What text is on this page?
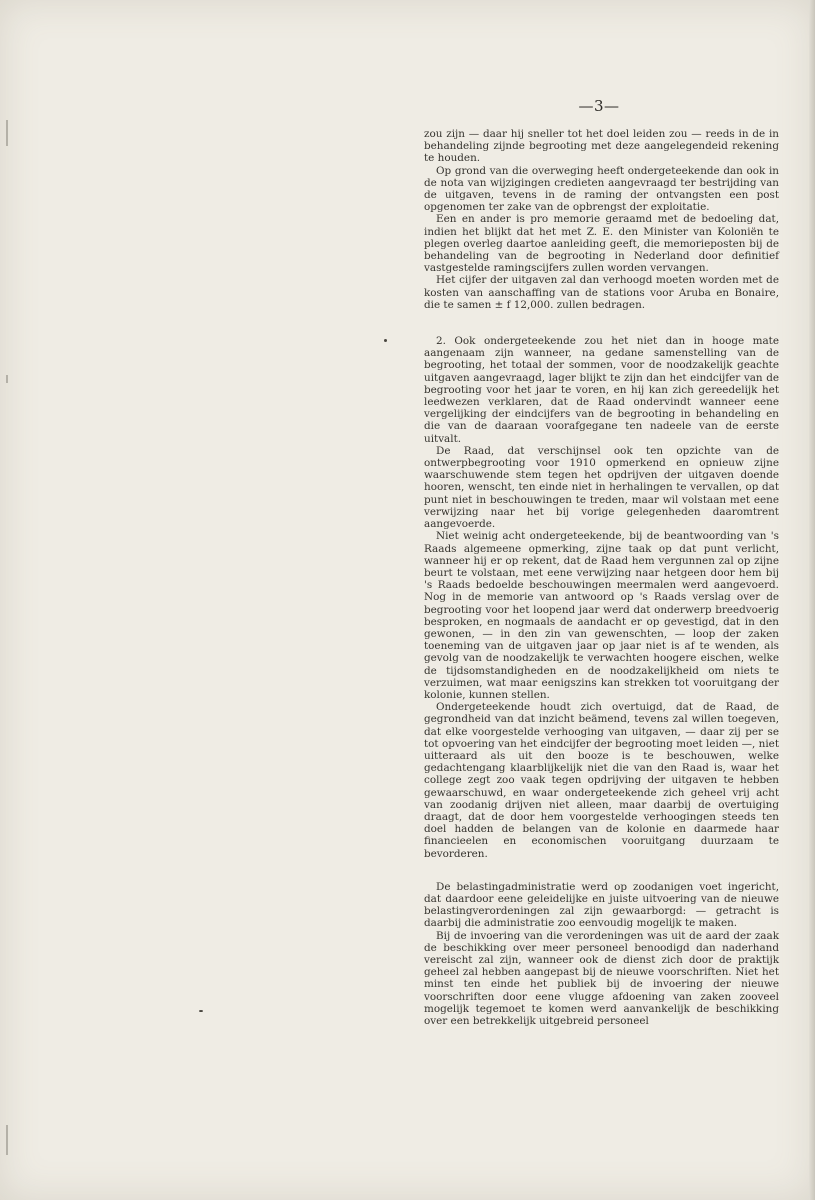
—3—

zou zijn — daar hij sneller tot het doel leiden zou — reeds in de in behandeling zijnde begrooting met deze aangelegendeid rekening te houden.

Op grond van die overweging heeft ondergeteekende dan ook in de nota van wijzigingen credieten aangevraagd ter bestrijding van de uitgaven, tevens in de raming der ontvangsten een post opgenomen ter zake van de opbrengst der exploitatie.

Een en ander is pro memorie geraamd met de bedoeling dat, indien het blijkt dat het met Z. E. den Minister van Koloniën te plegen overleg daartoe aanleiding geeft, die memorieposten bij de behandeling van de begrooting in Nederland door definitief vastgestelde ramingscijfers zullen worden vervangen.

Het cijfer der uitgaven zal dan verhoogd moeten worden met de kosten van aanschaffing van de stations voor Aruba en Bonaire, die te samen ± f 12,000. zullen bedragen.

2. Ook ondergeteekende zou het niet dan in hooge mate aangenaam zijn wanneer, na gedane samenstelling van de begrooting, het totaal der sommen, voor de noodzakelijk geachte uitgaven aangevraagd, lager blijkt te zijn dan het eindcijfer van de begrooting voor het jaar te voren, en hij kan zich gereedelijk het leedwezen verklaren, dat de Raad ondervindt wanneer eene vergelijking der eindcijfers van de begrooting in behandeling en die van de daaraan voorafgegane ten nadeele van de eerste uitvalt.

De Raad, dat verschijnsel ook ten opzichte van de ontwerpbegrooting voor 1910 opmerkend en opnieuw zijne waarschuwende stem tegen het opdrijven der uitgaven doende hooren, wenscht, ten einde niet in herhalingen te vervallen, op dat punt niet in beschouwingen te treden, maar wil volstaan met eene verwijzing naar het bij vorige gelegenheden daaromtrent aangevoerde.

Niet weinig acht ondergeteekende, bij de beantwoording van 's Raads algemeene opmerking, zijne taak op dat punt verlicht, wanneer hij er op rekent, dat de Raad hem vergunnen zal op zijne beurt te volstaan, met eene verwijzing naar hetgeen door hem bij 's Raads bedoelde beschouwingen meermalen werd aangevoerd. Nog in de memorie van antwoord op 's Raads verslag over de begrooting voor het loopend jaar werd dat onderwerp breedvoerig besproken, en nogmaals de aandacht er op gevestigd, dat in den gewonen, — in den zin van gewenschten, — loop der zaken toeneming van de uitgaven jaar op jaar niet is af te wenden, als gevolg van de noodzakelijk te verwachten hoogere eischen, welke de tijdsomstandigheden en de noodzakelijkheid om niets te verzuimen, wat maar eenigszins kan strekken tot vooruitgang der kolonie, kunnen stellen.

Ondergeteekende houdt zich overtuigd, dat de Raad, de gegrondheid van dat inzicht beämend, tevens zal willen toegeven, dat elke voorgestelde verhooging van uitgaven, — daar zij per se tot opvoering van het eindcijfer der begrooting moet leiden —, niet uitteraard als uit den booze is te beschouwen, welke gedachtengang klaarblijkelijk niet die van den Raad is, waar het college zegt zoo vaak tegen opdrijving der uitgaven te hebben gewaarschuwd, en waar ondergeteekende zich geheel vrij acht van zoodanig drijven niet alleen, maar daarbij de overtuiging draagt, dat de door hem voorgestelde verhoogingen steeds ten doel hadden de belangen van de kolonie en daarmede haar financieelen en economischen vooruitgang duurzaam te bevorderen.

De belastingadministratie werd op zoodanigen voet ingericht, dat daardoor eene geleidelijke en juiste uitvoering van de nieuwe belastingverordeningen zal zijn gewaarborgd: — getracht is daarbij die administratie zoo eenvoudig mogelijk te maken.

Bij de invoering van die verordeningen was uit de aard der zaak de beschikking over meer personeel benoodigd dan naderhand vereischt zal zijn, wanneer ook de dienst zich door de praktijk geheel zal hebben aangepast bij de nieuwe voorschriften. Niet het minst ten einde het publiek bij de invoering der nieuwe voorschriften door eene vlugge afdoening van zaken zooveel mogelijk tegemoet te komen werd aanvankelijk de beschikking over een betrekkelijk uitgebreid personeel
